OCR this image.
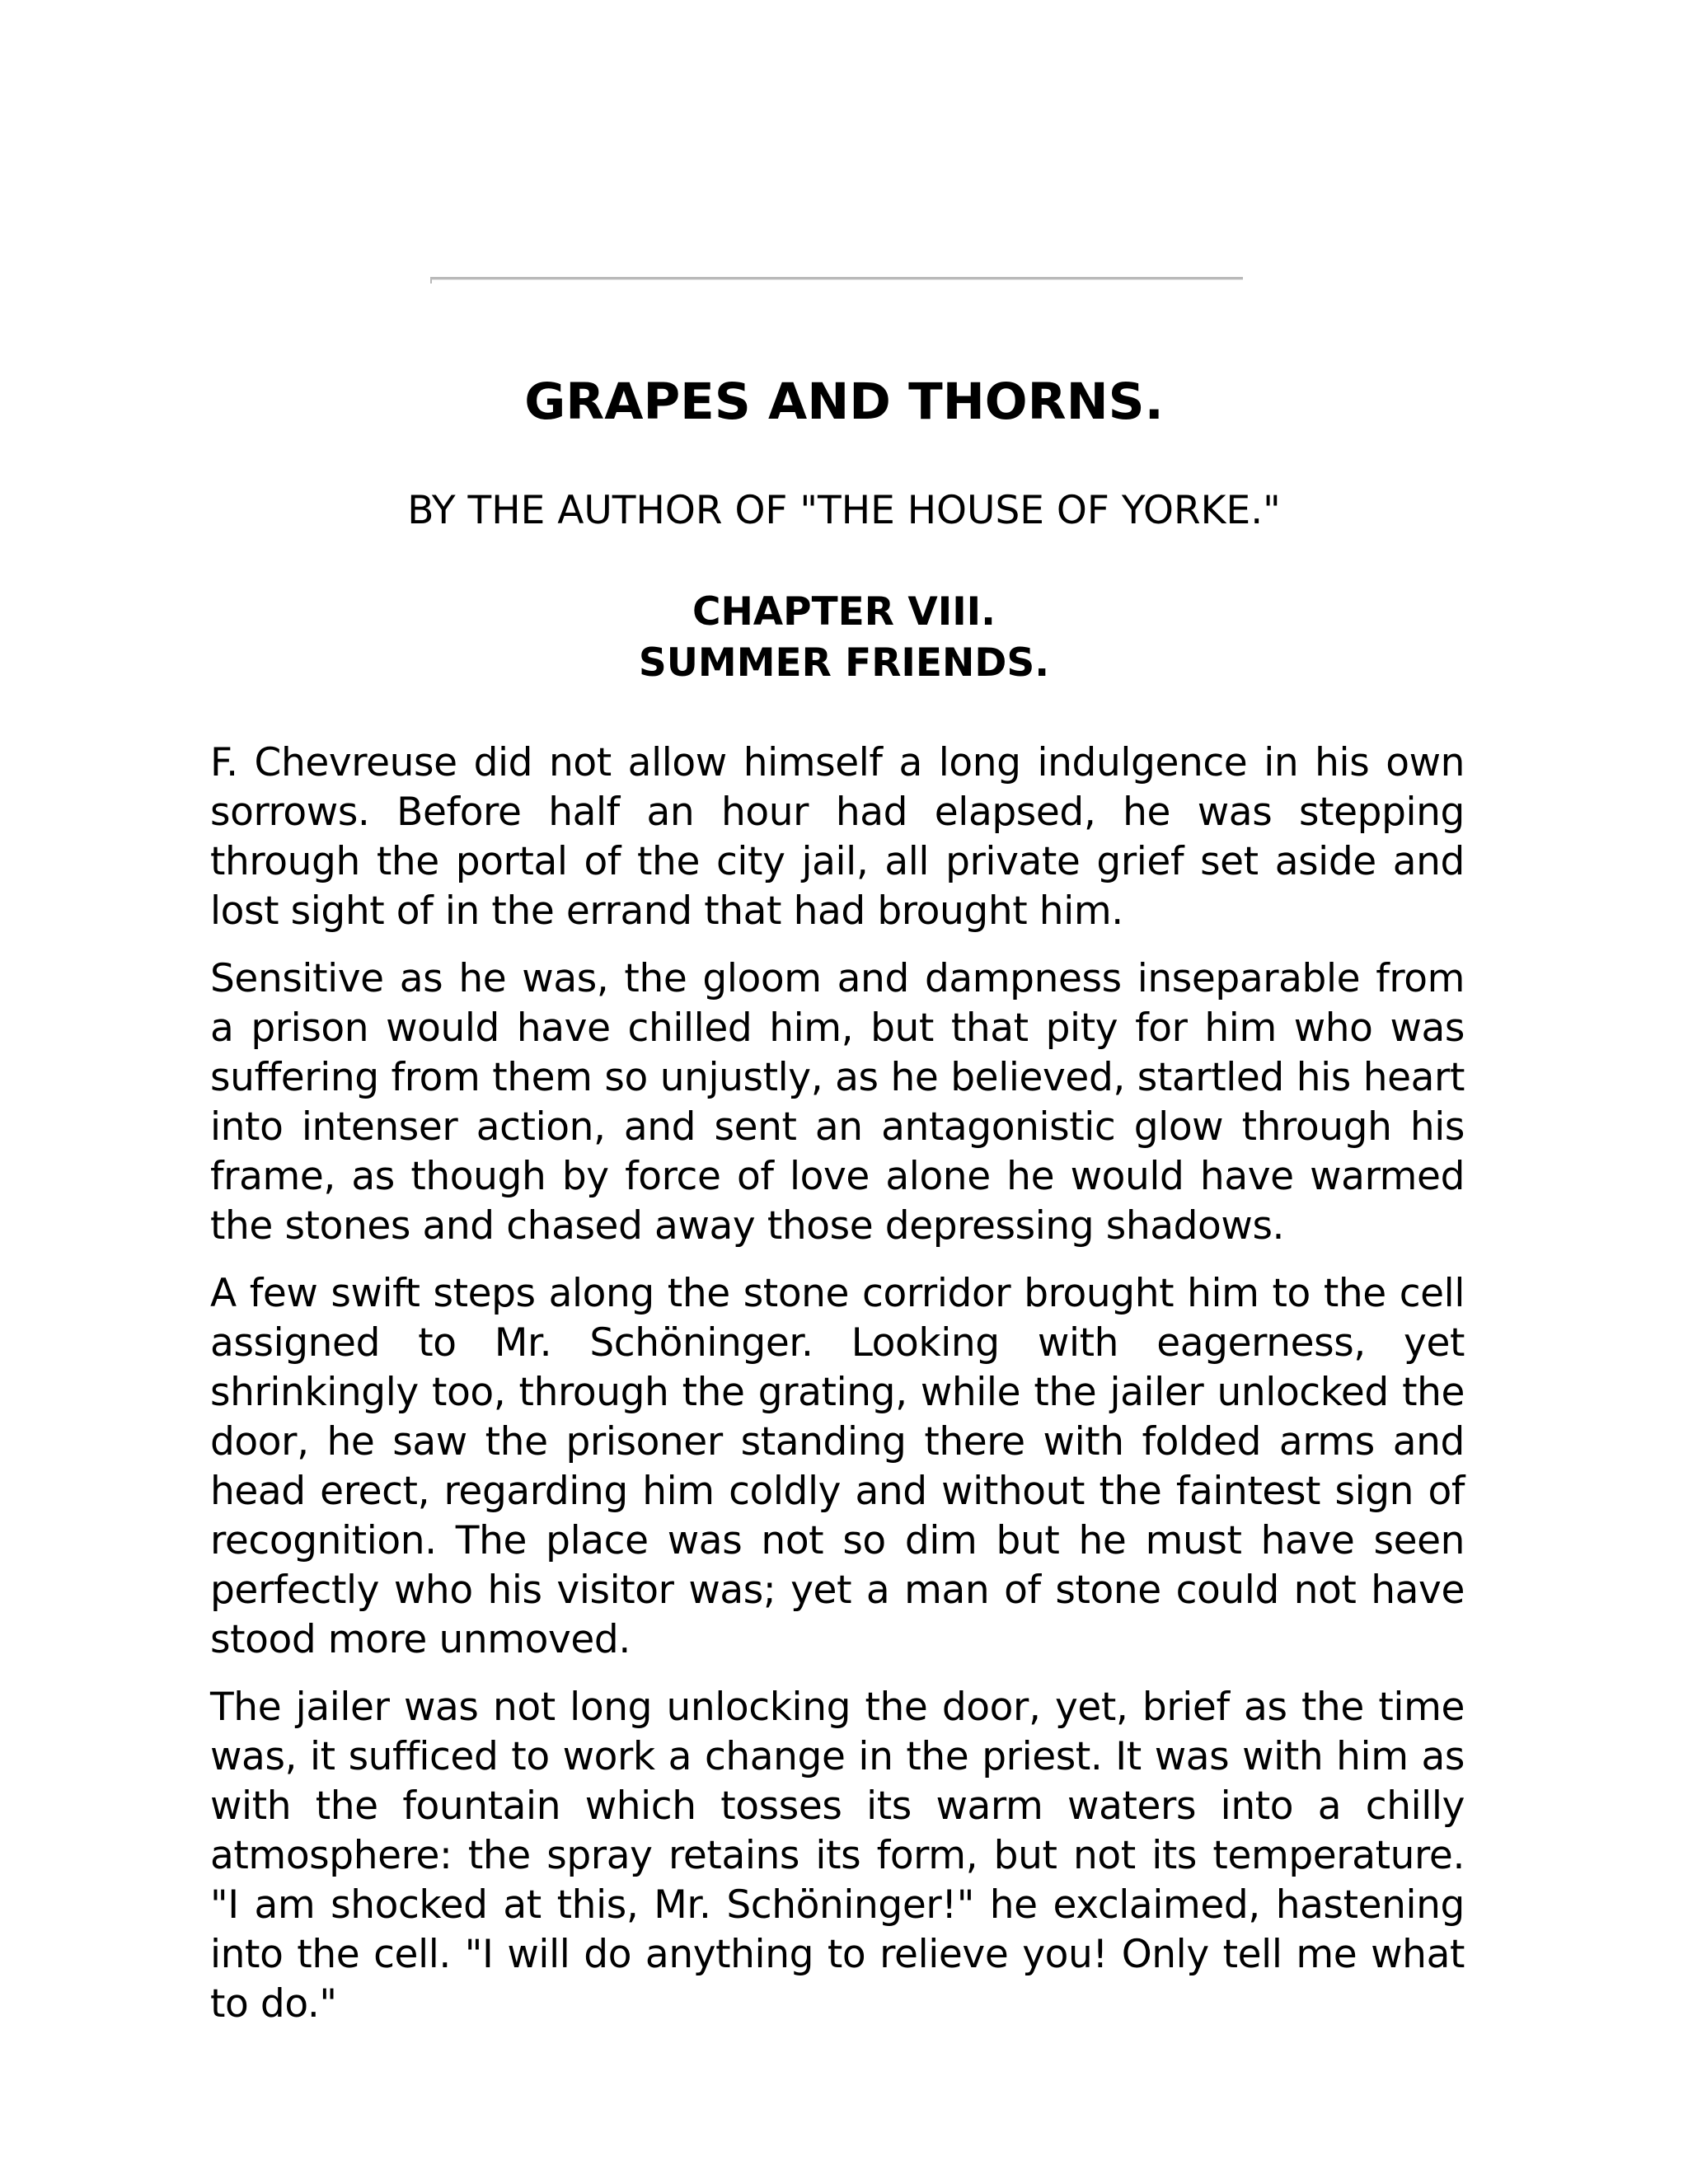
GRAPES AND THORNS.

BY THE AUTHOR OF "THE HOUSE OF YORKE."

CHAPTER VIII.
SUMMER FRIENDS.

F. Chevreuse did not allow himself a long indulgence in his own sorrows. Before half an hour had elapsed, he was stepping through the portal of the city jail, all private grief set aside and lost sight of in the errand that had brought him.

Sensitive as he was, the gloom and dampness inseparable from a prison would have chilled him, but that pity for him who was suffering from them so unjustly, as he believed, startled his heart into intenser action, and sent an antagonistic glow through his frame, as though by force of love alone he would have warmed the stones and chased away those depressing shadows.

A few swift steps along the stone corridor brought him to the cell assigned to Mr. Schöninger. Looking with eagerness, yet shrinkingly too, through the grating, while the jailer unlocked the door, he saw the prisoner standing there with folded arms and head erect, regarding him coldly and without the faintest sign of recognition. The place was not so dim but he must have seen perfectly who his visitor was; yet a man of stone could not have stood more unmoved.

The jailer was not long unlocking the door, yet, brief as the time was, it sufficed to work a change in the priest. It was with him as with the fountain which tosses its warm waters into a chilly atmosphere: the spray retains its form, but not its temperature. "I am shocked at this, Mr. Schöninger!" he exclaimed, hastening into the cell. "I will do anything to relieve you! Only tell me what to do."
